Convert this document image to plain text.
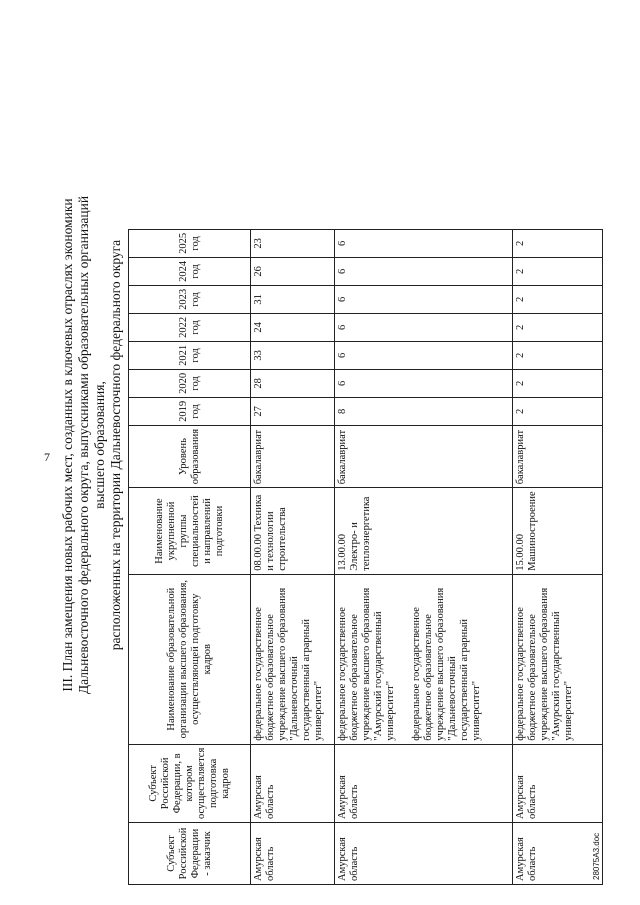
7
28075А3.doc
III. План замещения новых рабочих мест, созданных в ключевых отраслях экономики Дальневосточного федерального округа, выпускниками образовательных организаций высшего образования, расположенных на территории Дальневосточного федерального округа
Субъект Российской Федерации - заказчик	Субъект Российской Федерации, в котором осуществляется подготовка кадров	Наименование образовательной организации высшего образования, осуществляющей подготовку кадров	Наименование укрупненной группы специальностей и направлений подготовки	Уровень образования	2019 год	2020 год	2021 год	2022 год	2023 год	2024 год	2025 год
Амурская область	Амурская область	федеральное государственное бюджетное образовательное учреждение высшего образования "Дальневосточный государственный аграрный университет"	08.00.00 Техника и технологии строительства	бакалавриат	27	28	33	24	31	26	23
Амурская область	Амурская область	федеральное государственное бюджетное образовательное учреждение высшего образования "Амурский государственный университет" федеральное государственное бюджетное образовательное учреждение высшего образования "Дальневосточный государственный аграрный университет"	13.00.00 Электро- и теплоэнергетика	бакалавриат	8	6	6	6	6	6	6
Амурская область	Амурская область	федеральное государственное бюджетное образовательное учреждение высшего образования "Амурский государственный университет"	15.00.00 Машиностроение	бакалавриат	2	2	2	2	2	2	2
